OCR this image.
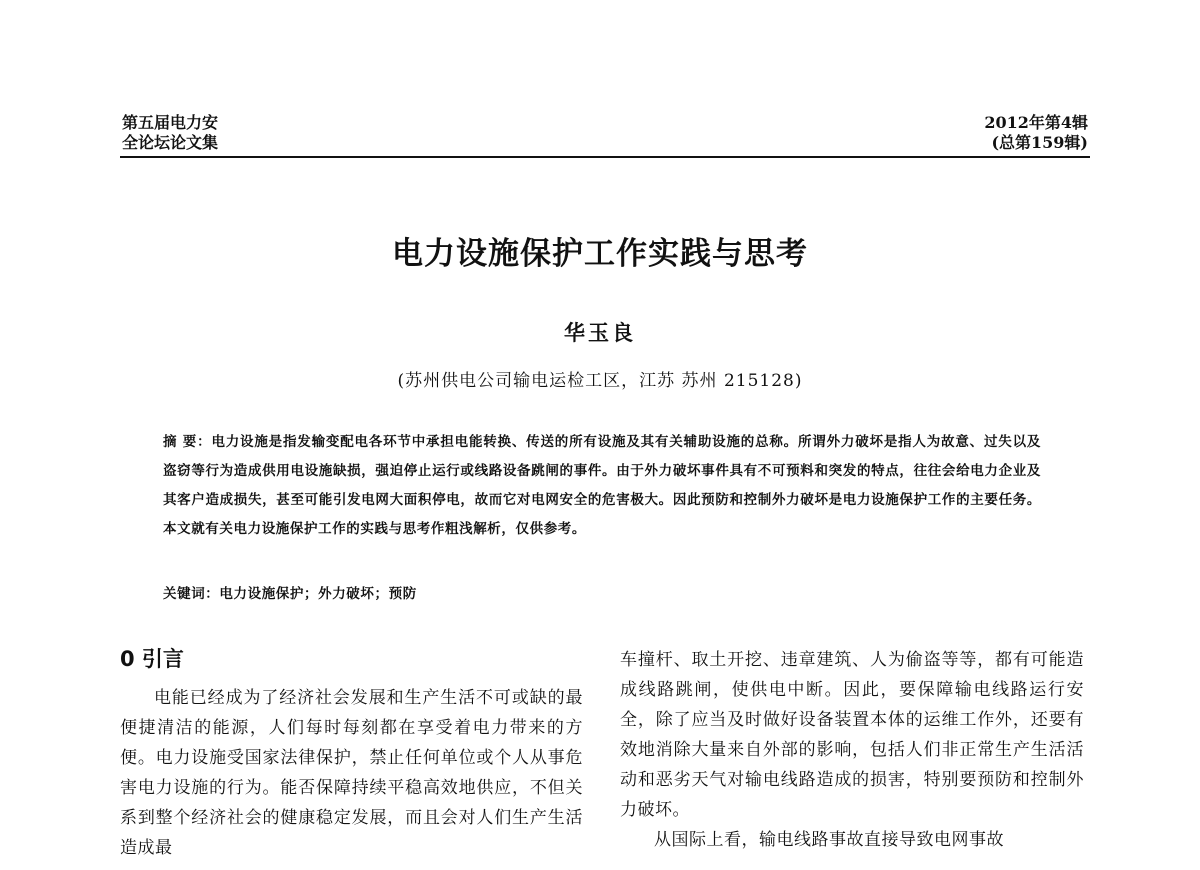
第五届电力安
全论坛论文集
2012年第4辑
(总第159辑)
电力设施保护工作实践与思考
华玉良
(苏州供电公司输电运检工区，江苏 苏州 215128)
摘 要：电力设施是指发输变配电各环节中承担电能转换、传送的所有设施及其有关辅助设施的总称。所谓外力破坏是指人为故意、过失以及盗窃等行为造成供用电设施缺损，强迫停止运行或线路设备跳闸的事件。由于外力破坏事件具有不可预料和突发的特点，往往会给电力企业及其客户造成损失，甚至可能引发电网大面积停电，故而它对电网安全的危害极大。因此预防和控制外力破坏是电力设施保护工作的主要任务。本文就有关电力设施保护工作的实践与思考作粗浅解析，仅供参考。
关键词：电力设施保护；外力破坏；预防
0 引言

电能已经成为了经济社会发展和生产生活不可或缺的最便捷清洁的能源，人们每时每刻都在享受着电力带来的方便。电力设施受国家法律保护，禁止任何单位或个人从事危害电力设施的行为。能否保障持续平稳高效地供应，不但关系到整个经济社会的健康稳定发展，而且会对人们生产生活造成最

车撞杆、取土开挖、违章建筑、人为偷盗等等，都有可能造成线路跳闸，使供电中断。因此，要保障输电线路运行安全，除了应当及时做好设备装置本体的运维工作外，还要有效地消除大量来自外部的影响，包括人们非正常生产生活活动和恶劣天气对输电线路造成的损害，特别要预防和控制外力破坏。

从国际上看，输电线路事故直接导致电网事故
